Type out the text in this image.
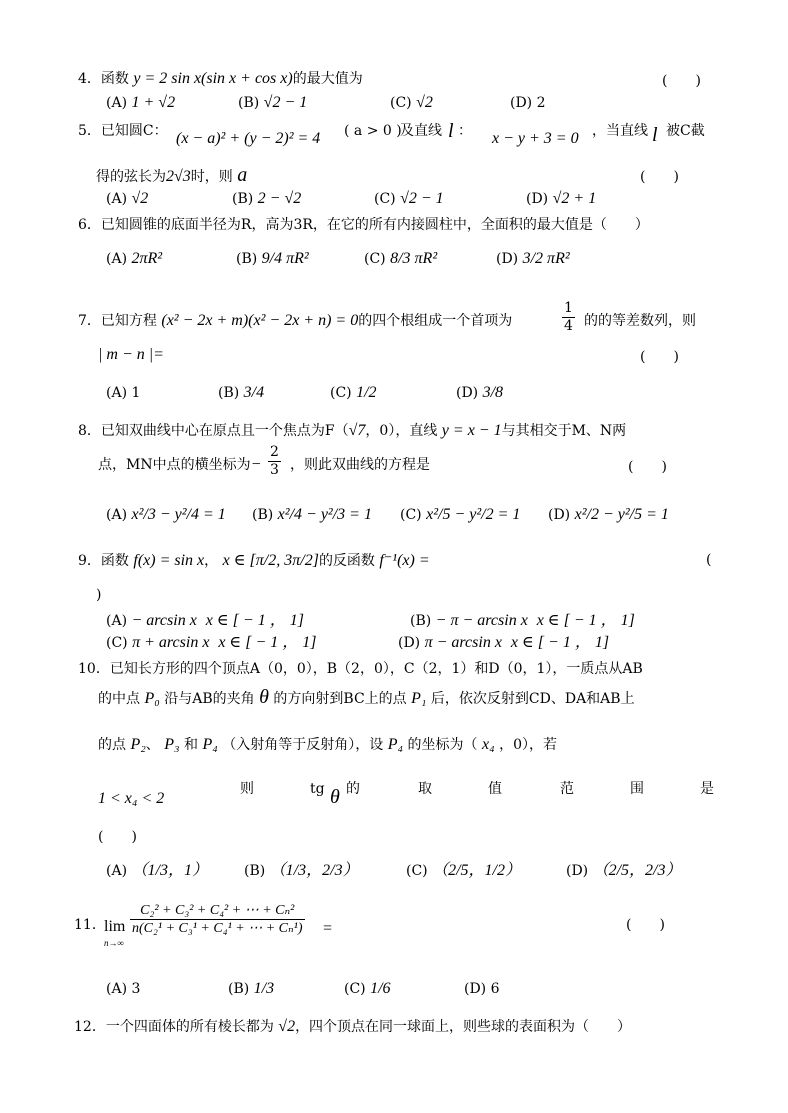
4．函数 y = 2 sin x(sin x + cos x)的最大值为	(　　)
(A) 1 + √2	(B) √2 − 1	(C) √2	(D) 2
5．已知圆C： (x − a)² + (y − 2)² = 4 ( a > 0 )
及直线 l ： x − y + 3 = 0 ，当直线 l 被C截
得的弦长为2√3时，则 a	(　　)
(A) √2	(B) 2 − √2	(C) √2 − 1	(D) √2 + 1
6．已知圆锥的底面半径为R，高为3R，在它的所有内接圆柱中，全面积的最大值是（　　）
(A) 2πR²	(B) 9/4 πR²	(C) 8/3 πR²	(D) 3/2 πR²
7．已知方程 (x² − 2x + m)(x² − 2x + n) = 0的四个根组成一个首项为	$\frac{1}{4}$ 的的等差数列，则
| m − n |=	(　　)
(A) 1	(B) 3/4	(C) 1/2	(D) 3/8
8．已知双曲线中心在原点且一个焦点为F（√7，0），直线 y = x − 1与其相交于M、N两
点，MN中点的横坐标为− $\frac{2}{3}$ ，则此双曲线的方程是	(　　)
(A) x²/3 − y²/4 = 1 (B) x²/4 − y²/3 = 1 (C) x²/5 − y²/2 = 1 (D) x²/2 − y²/5 = 1
9．函数 f(x) = sin x， x ∈ [π/2, 3π/2]的反函数 f⁻¹(x) =	(
)
(A) − arcsin x x ∈ [ − 1 ， 1]	(B) − π − arcsin x x ∈ [ − 1 ， 1]
(C) π + arcsin x x ∈ [ − 1 ， 1]	(D) π − arcsin x x ∈ [ − 1 ， 1]
10．已知长方形的四个顶点A（0，0），B（2，0），C（2，1）和D（0，1），一质点从AB
的中点 P₀ 沿与AB的夹角 θ 的方向射到BC上的点 P₁ 后，依次反射到CD、DA和AB上
的点 P₂、 P₃ 和 P₄ （入射角等于反射角），设 P₄ 的坐标为（ x₄ ，0），若
1 < x₄ < 2
则	tg θ 的	取	值	范	围	是
(　　)
(A) （1/3，1）	(B) （1/3，2/3）	(C) （2/5，1/2）	(D) （2/5，2/3）
11．
lim
n→∞
$\frac{\text{C₂² + C₃² + C₄² + ⋯ + Cₙ²}}{\text{n(C₂¹ + C₃¹ + C₄¹ + ⋯ + Cₙ¹)}}$ =	(　　)
(A) 3	(B) 1/3	(C) 1/6	(D) 6
12．一个四面体的所有棱长都为 √2，四个顶点在同一球面上，则些球的表面积为（　　）
